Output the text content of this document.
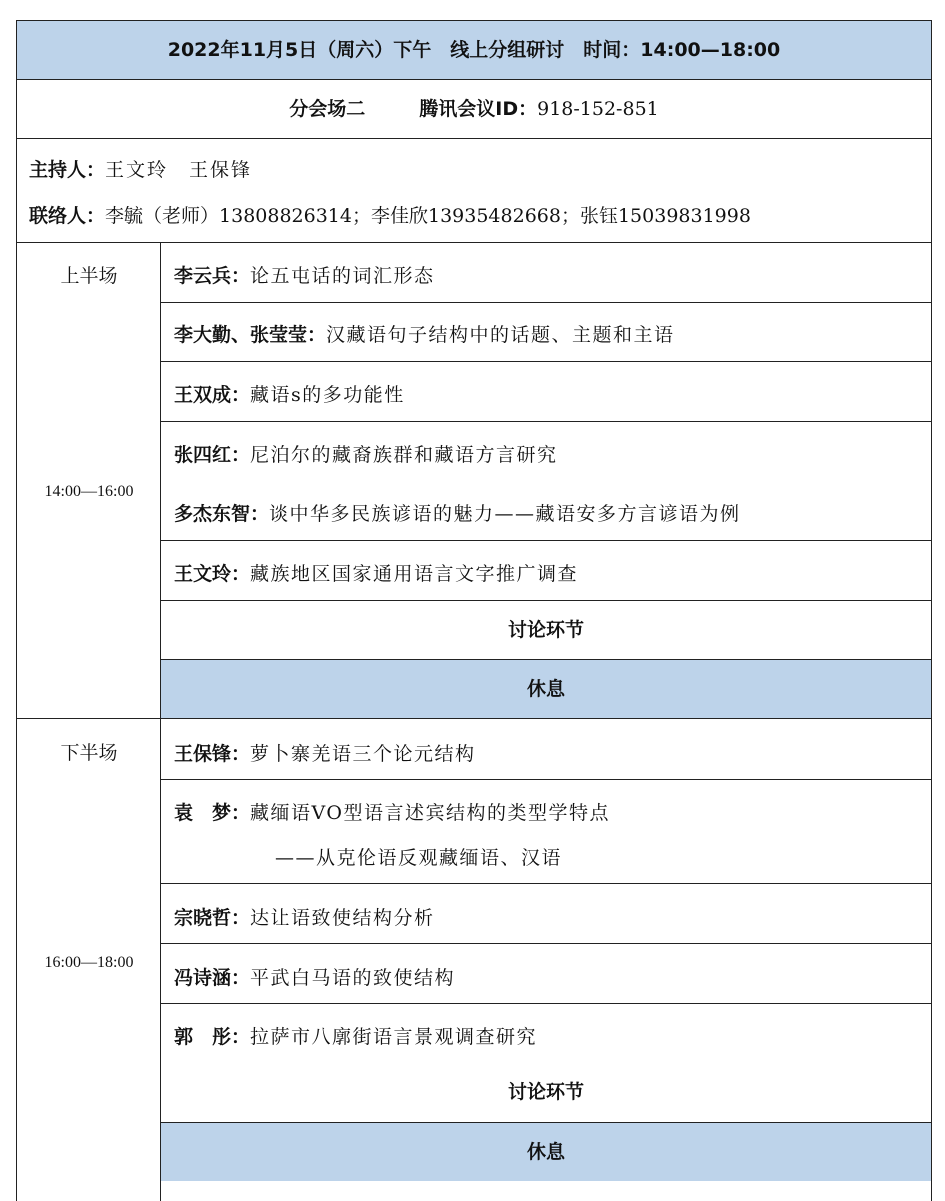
2022年11月5日（周六）下午　线上分组研讨　时间：14:00—18:00
分会场二	腾讯会议ID：918-152-851
主持人：王文玲　王保锋
联络人：李毓（老师）13808826314；李佳欣13935482668；张钰15039831998
上半场
14:00—16:00
李云兵：论五屯话的词汇形态
李大勤、张莹莹：汉藏语句子结构中的话题、主题和主语
王双成：藏语s的多功能性
张四红：尼泊尔的藏裔族群和藏语方言研究
多杰东智：谈中华多民族谚语的魅力——藏语安多方言谚语为例
王文玲：藏族地区国家通用语言文字推广调查
讨论环节
休息
下半场
16:00—18:00
王保锋：萝卜寨羌语三个论元结构
袁　梦：藏缅语VO型语言述宾结构的类型学特点
——从克伦语反观藏缅语、汉语
宗晓哲：达让语致使结构分析
冯诗涵：平武白马语的致使结构
郭　彤：拉萨市八廓街语言景观调查研究
讨论环节
休息
